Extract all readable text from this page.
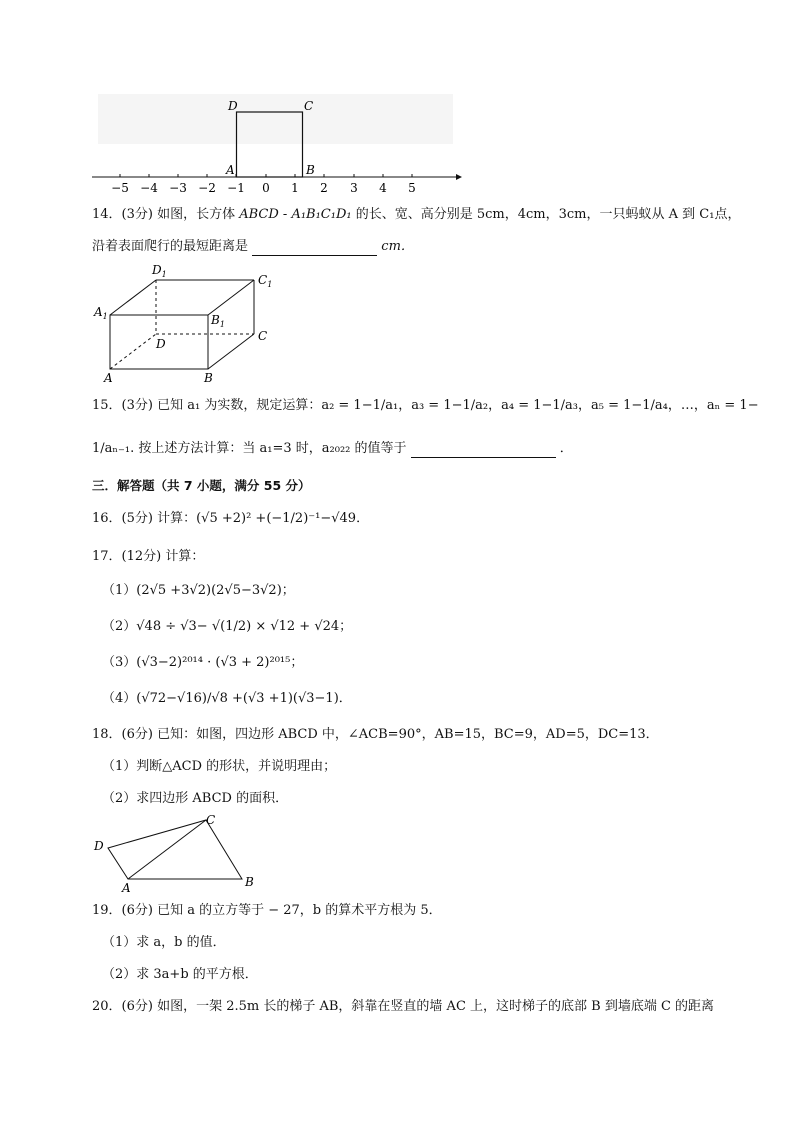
D	C
A	B
−5 −4 −3 −2 −1 0 1 2 3 4 5
14．(3分) 如图，长方体 ABCD - A₁B₁C₁D₁ 的长、宽、高分别是 5cm，4cm，3cm，一只蚂蚁从 A 到 C₁点，
沿着表面爬行的最短距离是	cm．
$D_1$	$C_1$
$A_1$	$B_1$
D
C
A	B
15．(3分) 已知 a₁ 为实数，规定运算：a₂ = 1−1/a₁，a₃ = 1−1/a₂，a₄ = 1−1/a₃，a₅ = 1−1/a₄，…，aₙ = 1−
1/aₙ₋₁. 按上述方法计算：当 a₁=3 时，a₂₀₂₂ 的值等于	．
三．解答题（共 7 小题，满分 55 分）
16．(5分) 计算：(√5 +2)² +(−1/2)⁻¹−√49．
17．(12分) 计算：
（1）(2√5 +3√2)(2√5−3√2)；
（2）√48 ÷ √3− √(1/2) × √12 + √24；
（3）(√3−2)²⁰¹⁴ · (√3 + 2)²⁰¹⁵；
（4）(√72−√16)/√8 +(√3 +1)(√3−1)．
18．(6分) 已知：如图，四边形 ABCD 中，∠ACB=90°，AB=15，BC=9，AD=5，DC=13．
（1）判断△ACD 的形状，并说明理由；
（2）求四边形 ABCD 的面积．
D
C
A	B
19．(6分) 已知 a 的立方等于 − 27，b 的算术平方根为 5．
（1）求 a，b 的值．
（2）求 3a+b 的平方根．
20．(6分) 如图，一架 2.5m 长的梯子 AB，斜靠在竖直的墙 AC 上，这时梯子的底部 B 到墙底端 C 的距离
